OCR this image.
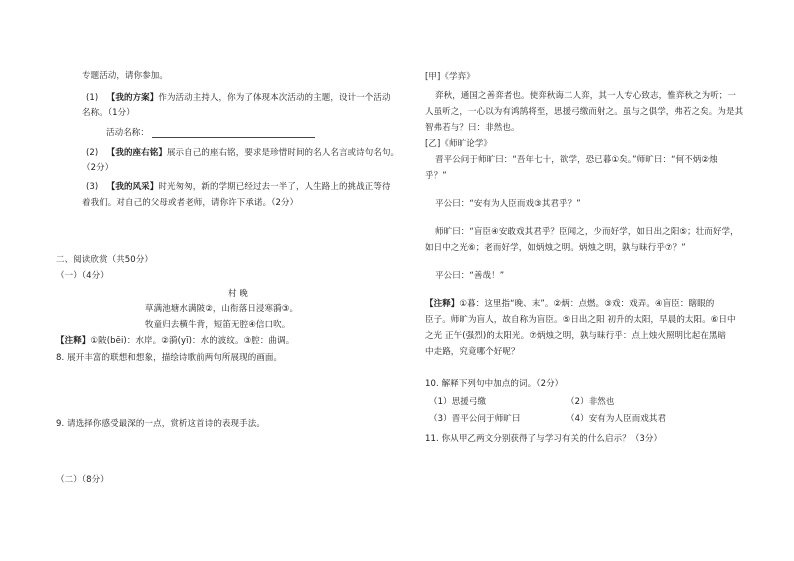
专题活动，请你参加。
(1) 【我的方案】作为活动主持人，你为了体现本次活动的主题，设计一个活动
名称。（1分）
活动名称：
(2) 【我的座右铭】展示自己的座右铭，要求是珍惜时间的名人名言或诗句名句。
（2分）
(3) 【我的风采】时光匆匆，新的学期已经过去一半了，人生路上的挑战正等待
着我们。对自己的父母或者老师，请你许下承诺。（2分）
二、阅读欣赏（共50分）
（一）（4分）
村 晚
草满池塘水满陂②，山衔落日浸寒漪③。
牧童归去横牛背，短笛无腔④信口吹。
【注释】①陂(bēi)：水岸。②漪(yī)：水的波纹。③腔：曲调。
8. 展开丰富的联想和想象，描绘诗歌前两句所展现的画面。
9. 请选择你感受最深的一点，赏析这首诗的表现手法。
（二）（8分）
[甲]《学弈》
弈秋，通国之善弈者也。使弈秋诲二人弈，其一人专心致志，惟弈秋之为听；一
人虽听之，一心以为有鸿鹄将至，思援弓缴而射之。虽与之俱学，弗若之矣。为是其
智弗若与？曰：非然也。
[乙]《师旷论学》
晋平公问于师旷曰：“吾年七十，欲学，恐已暮①矣。”师旷曰：“何不炳②烛
乎？”
平公曰：“安有为人臣而戏③其君乎？”
师旷曰：“盲臣④安敢戏其君乎？臣闻之，少而好学，如日出之阳⑤；壮而好学，
如日中之光⑥；老而好学，如炳烛之明。炳烛之明，孰与昧行乎⑦？”
平公曰：“善哉！”
【注释】①暮：这里指“晚、末”。②炳：点燃。③戏：戏弄。④盲臣：瞎眼的
臣子。师旷为盲人，故自称为盲臣。⑤日出之阳 初升的太阳，早晨的太阳。⑥日中
之光 正午(强烈)的太阳光。⑦炳烛之明，孰与昧行乎：点上烛火照明比起在黑暗
中走路，究竟哪个好呢？
10. 解释下列句中加点的词。（2分）
（1）思援弓缴	（2）非然也
（3）晋平公问于师旷曰	（4）安有为人臣而戏其君
11. 你从甲乙两文分别获得了与学习有关的什么启示？（3分）
